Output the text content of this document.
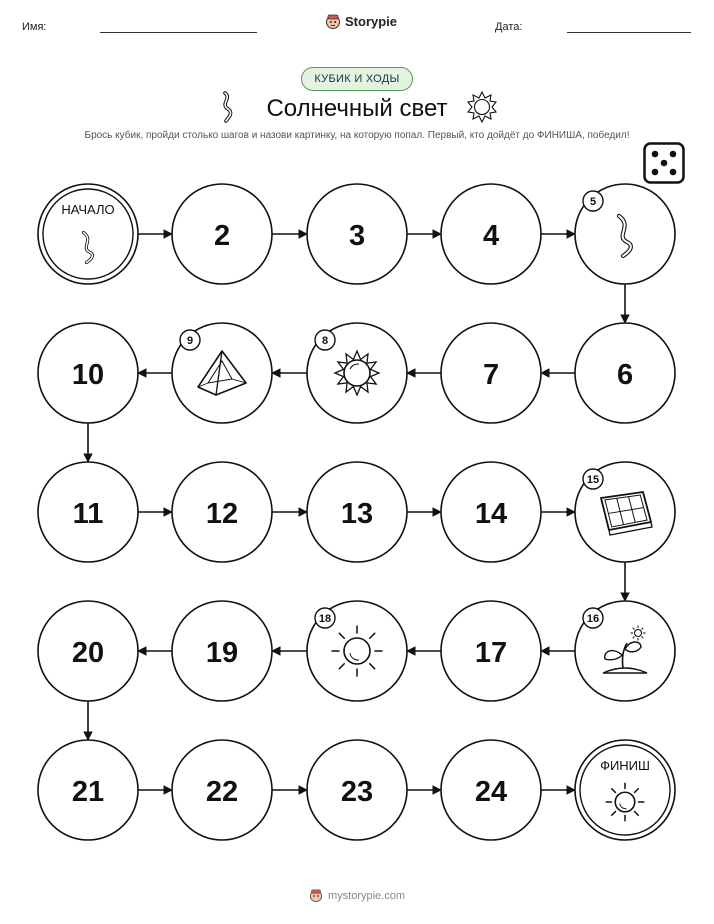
Имя:	Storypie	Дата:
КУБИК И ХОДЫ
Солнечный свет
Брось кубик, пройди столько шагов и назови картинку, на которую попал. Первый, кто дойдёт до ФИНИША, победил!
НАЧАЛО
2	3	4
5
6
7
8
9
10
11	12	13	14
15
16
17
18
19
20
21	22	23	24
ФИНИШ
mystorypie.com
